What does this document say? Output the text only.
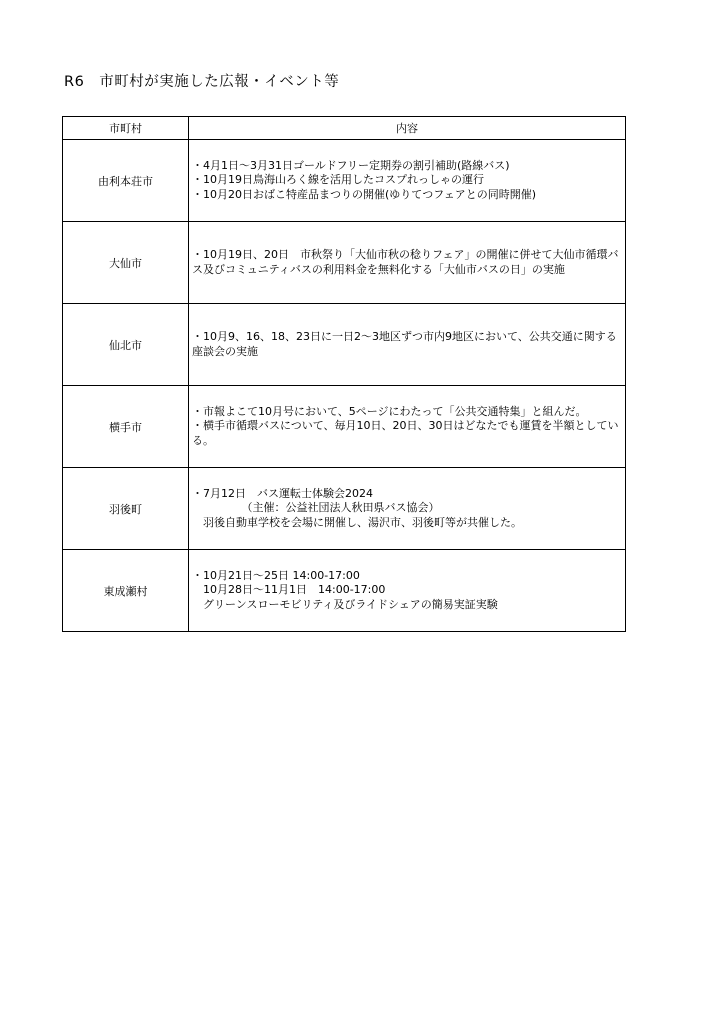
R6　市町村が実施した広報・イベント等
市町村	内容
由利本荘市	・4月1日～3月31日ゴールドフリー定期券の割引補助(路線バス)
・10月19日鳥海山ろく線を活用したコスプれっしゃの運行
・10月20日おばこ特産品まつりの開催(ゆりてつフェアとの同時開催)

大仙市	・10月19日、20日　市秋祭り「大仙市秋の稔りフェア」の開催に併せて大仙市循環バス及びコミュニティバスの利用料金を無料化する「大仙市バスの日」の実施

仙北市	・10月9、16、18、23日に一日2～3地区ずつ市内9地区において、公共交通に関する座談会の実施

横手市	・市報よこて10月号において、5ページにわたって「公共交通特集」と組んだ。
・横手市循環バスについて、毎月10日、20日、30日はどなたでも運賃を半額としている。

羽後町	・7月12日　バス運転士体験会2024
　　　　　（主催：公益社団法人秋田県バス協会）
　羽後自動車学校を会場に開催し、湯沢市、羽後町等が共催した。

東成瀬村	・10月21日～25日 14:00-17:00
　10月28日～11月1日　14:00-17:00
　グリーンスローモビリティ及びライドシェアの簡易実証実験
